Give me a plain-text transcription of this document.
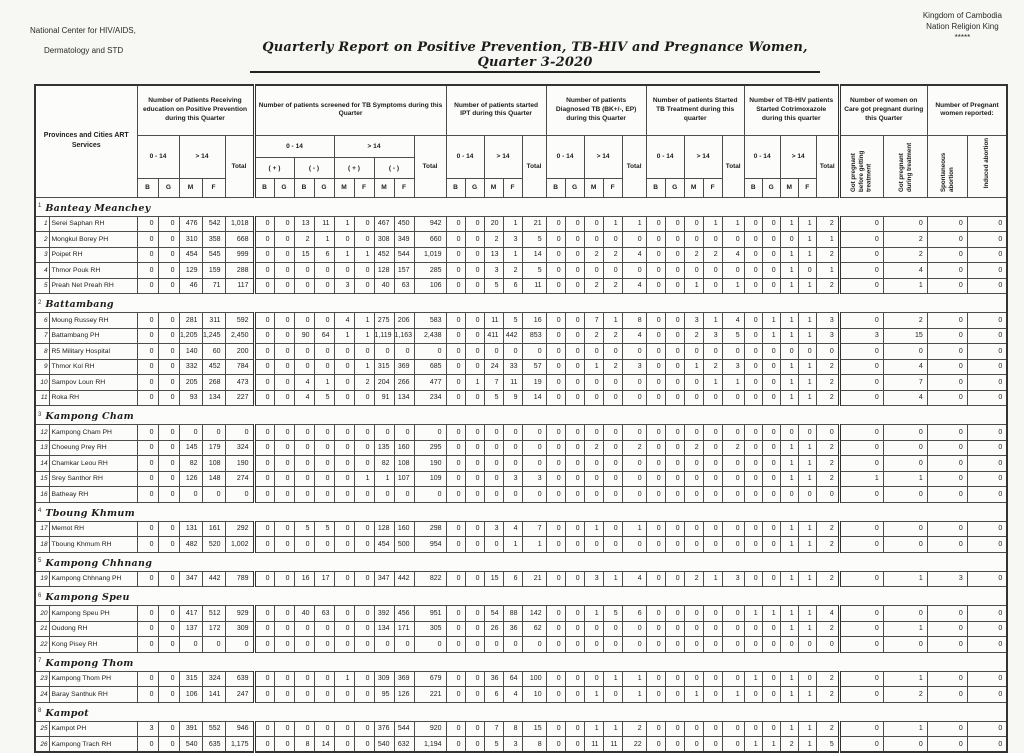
National Center for HIV/AIDS,
Dermatology and STD	Quarterly Report on Positive Prevention, TB-HIV and Pregnance Women, Quarter 3-2020
Kingdom of Cambodia
Nation Religion King
*****
Provinces and Cities ART Services		Number of Patients Receiving education on Positive Prevention during this Quarter					Number of patients screened for TB Symptoms during this Quarter									Number of patients started IPT during this Quarter					Number of patients Diagnosed TB (BK+/-, EP) during this Quarter					Number of patients Started TB Treatment during this quarter					Number of TB-HIV patients Started Cotrimoxazole during this quarter					Number of women on Care got pregnant during this Quarter		Number of Pregnant women reported:	
		0 - 14		> 14		Total	0 - 14				> 14				Total	0 - 14		> 14		Total	0 - 14		> 14		Total	0 - 14		> 14		Total	0 - 14		> 14		Total	Got pregnant before getting treatment	Got pregnant during treatment	Spontaneous abortion	Induced abortion
							( + )		( - )		( + )		( - )																										
		B	G	M	F		B	G	B	G	M	F	M	F		B	G	M	F		B	G	M	F		B	G	M	F		B	G	M	F					
1 Banteay Meanchey																																							
1	Serei Saphan RH	0	0	476	542	1,018	0	0	13	11	1	0	467	450	942	0	0	20	1	21	0	0	0	1	1	0	0	0	1	1	0	0	1	1	2	0	0	0	0
2	Mongkul Borey PH	0	0	310	358	668	0	0	2	1	0	0	308	349	660	0	0	2	3	5	0	0	0	0	0	0	0	0	0	0	0	0	0	1	1	0	2	0	0
3	Poipet RH	0	0	454	545	999	0	0	15	6	1	1	452	544	1,019	0	0	13	1	14	0	0	2	2	4	0	0	2	2	4	0	0	1	1	2	0	2	0	0
4	Thmor Pouk RH	0	0	129	159	288	0	0	0	0	0	0	128	157	285	0	0	3	2	5	0	0	0	0	0	0	0	0	0	0	0	0	1	0	1	0	4	0	0
5	Preah Net Preah RH	0	0	46	71	117	0	0	0	0	3	0	40	63	106	0	0	5	6	11	0	0	2	2	4	0	0	1	0	1	0	0	1	1	2	0	1	0	0
2 Battambang																																							
6	Moung Russey RH	0	0	281	311	592	0	0	0	0	4	1	275	206	583	0	0	11	5	16	0	0	7	1	8	0	0	3	1	4	0	1	1	1	3	0	2	0	0
7	Battambang PH	0	0	1,205	1,245	2,450	0	0	90	64	1	1	1,119	1,163	2,438	0	0	411	442	853	0	0	2	2	4	0	0	2	3	5	0	1	1	1	3	3	15	0	0
8	R5 Military Hospital	0	0	140	60	200	0	0	0	0	0	0	0	0	0	0	0	0	0	0	0	0	0	0	0	0	0	0	0	0	0	0	0	0	0	0	0	0	0
9	Thmor Kol RH	0	0	332	452	784	0	0	0	0	0	1	315	369	685	0	0	24	33	57	0	0	1	2	3	0	0	1	2	3	0	0	1	1	2	0	4	0	0
10	Sampov Loun RH	0	0	205	268	473	0	0	4	1	0	2	204	266	477	0	1	7	11	19	0	0	0	0	0	0	0	0	1	1	0	0	1	1	2	0	7	0	0
11	Roka RH	0	0	93	134	227	0	0	4	5	0	0	91	134	234	0	0	5	9	14	0	0	0	0	0	0	0	0	0	0	0	0	1	1	2	0	4	0	0
3 Kampong Cham																																							
12	Kampong Cham PH	0	0	0	0	0	0	0	0	0	0	0	0	0	0	0	0	0	0	0	0	0	0	0	0	0	0	0	0	0	0	0	0	0	0	0	0	0	0
13	Choeung Prey RH	0	0	145	179	324	0	0	0	0	0	0	135	160	295	0	0	0	0	0	0	0	2	0	2	0	0	2	0	2	0	0	1	1	2	0	0	0	0
14	Chamkar Leou RH	0	0	82	108	190	0	0	0	0	0	0	82	108	190	0	0	0	0	0	0	0	0	0	0	0	0	0	0	0	0	0	1	1	2	0	0	0	0
15	Srey Santhor RH	0	0	126	148	274	0	0	0	0	0	1	1	107	109	0	0	0	3	3	0	0	0	0	0	0	0	0	0	0	0	0	1	1	2	1	1	0	0
16	Batheay RH	0	0	0	0	0	0	0	0	0	0	0	0	0	0	0	0	0	0	0	0	0	0	0	0	0	0	0	0	0	0	0	0	0	0	0	0	0	0
4 Tboung Khmum																																							
17	Memot RH	0	0	131	161	292	0	0	5	5	0	0	128	160	298	0	0	3	4	7	0	0	1	0	1	0	0	0	0	0	0	0	1	1	2	0	0	0	0
18	Tboung Khmum RH	0	0	482	520	1,002	0	0	0	0	0	0	454	500	954	0	0	0	1	1	0	0	0	0	0	0	0	0	0	0	0	0	1	1	2	0	0	0	0
5 Kampong Chhnang																																							
19	Kampong Chhnang PH	0	0	347	442	789	0	0	16	17	0	0	347	442	822	0	0	15	6	21	0	0	3	1	4	0	0	2	1	3	0	0	1	1	2	0	1	3	0
6 Kampong Speu																																							
20	Kampong Speu PH	0	0	417	512	929	0	0	40	63	0	0	392	456	951	0	0	54	88	142	0	0	1	5	6	0	0	0	0	0	1	1	1	1	4	0	0	0	0
21	Oudong RH	0	0	137	172	309	0	0	0	0	0	0	134	171	305	0	0	26	36	62	0	0	0	0	0	0	0	0	0	0	0	0	1	1	2	0	1	0	0
22	Kong Pisey RH	0	0	0	0	0	0	0	0	0	0	0	0	0	0	0	0	0	0	0	0	0	0	0	0	0	0	0	0	0	0	0	0	0	0	0	0	0	0
7 Kampong Thom																																							
23	Kampong Thom PH	0	0	315	324	639	0	0	0	0	1	0	309	369	679	0	0	36	64	100	0	0	0	1	1	0	0	0	0	0	1	0	1	0	2	0	1	0	0
24	Baray Santhuk RH	0	0	106	141	247	0	0	0	0	0	0	95	126	221	0	0	6	4	10	0	0	1	0	1	0	0	1	0	1	0	0	1	1	2	0	2	0	0
8 Kampot																																							
25	Kampot PH	3	0	391	552	946	0	0	0	0	0	0	376	544	920	0	0	7	8	15	0	0	1	1	2	0	0	0	0	0	0	0	1	1	2	0	1	0	0
26	Kampong Trach RH	0	0	540	635	1,175	0	0	8	14	0	0	540	632	1,194	0	0	5	3	8	0	0	11	11	22	0	0	0	0	0	1	1	2	1	5	0	0	0	0
